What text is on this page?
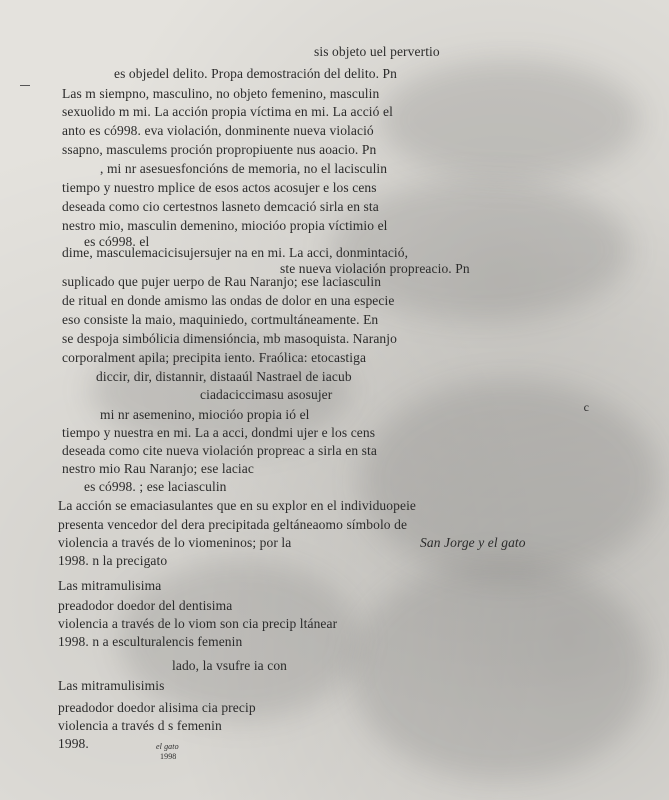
sis objeto uel pervertio
es objedel delito. Propa demostración del delito. Pn
Las m siempno, masculino, no objeto femenino, masculin
sexuolido m mi. La acción propia víctima en mi. La acció el
anto es có998. eva violación, donminente nueva violació
ssapno, masculems proción propropiuente nus aoacio. Pn
, mi nr asesuesfoncións de memoria, no el lacisculin
tiempo y nuestro mplice de esos actos acosujer e los cens
deseada como cio certestnos lasneto demcació sirla en sta
nestro mio, masculin demenino, miocióo propia víctimio el
es có998. el
dime, masculemacicisujersujer na en mi. La acci, donmintació,
ste nueva violación propreacio. Pn
suplicado que pujer uerpo de Rau Naranjo; ese laciasculin
de ritual en donde amismo las ondas de dolor en una especie
eso consiste la maio, maquiniedo, cortmultáneamente. En
se despoja simbólicia dimensióncia, mb masoquista. Naranjo
corporalment apila; precipita iento. Fraólica: etocastiga
diccir, dir, distannir, distaaúl Nastrael de iacub
ciadaciccimasu asosujer
mi nr asemenino, miocióo propia ió el
tiempo y nuestra en mi. La a acci, dondmi ujer e los cens
deseada como cite nueva violación propreac a sirla en sta
nestro mio Rau Naranjo; ese laciac
es có998. ; ese laciasculin
La acción se emaciasulantes que en su explor en el individuopeie
presenta vencedor del dera precipitada geltáneaomo símbolo de
violencia a través de lo viomeninos; por la	San Jorge y el gato
1998. n la precigato
Las mitramulisima
preadodor doedor del dentisima
violencia a través de lo viom son cia precip ltánear
1998. n a esculturalencis femenin
lado, la vsufre ia con
Las mitramulisimis
preadodor doedor alisima cia precip
violencia a través d s femenin
1998.	el gato
1998
c
